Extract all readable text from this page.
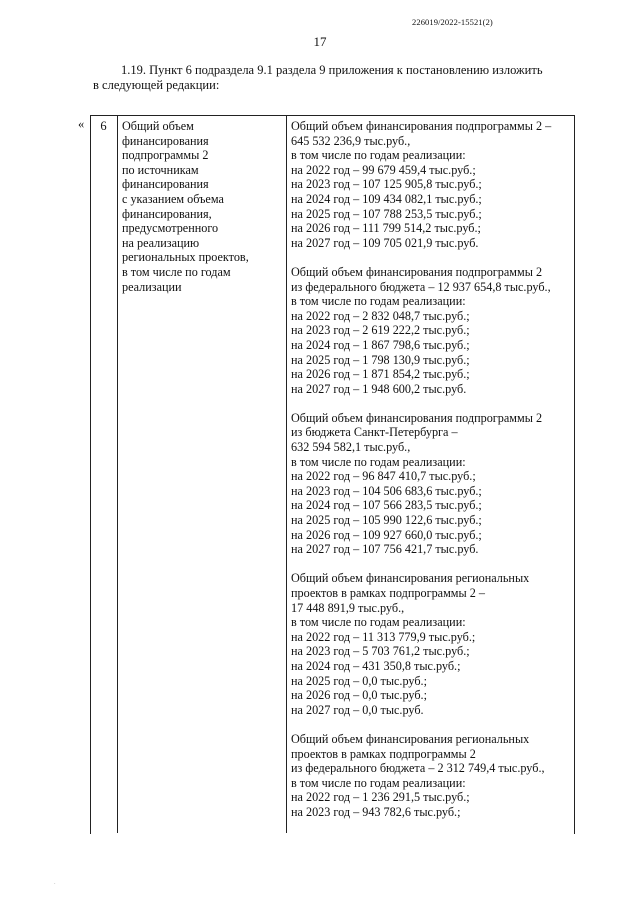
226019/2022-15521(2)
17
1.19. Пункт 6 подраздела 9.1 раздела 9 приложения к постановлению изложить
в следующей редакции:
«	6	Общий объем
финансирования
подпрограммы 2
по источникам
финансирования
с указанием объема
финансирования,
предусмотренного
на реализацию
региональных проектов,
в том числе по годам
реализации
Общий объем финансирования подпрограммы 2 –
645 532 236,9 тыс.руб.,
в том числе по годам реализации:
на 2022 год – 99 679 459,4 тыс.руб.;
на 2023 год – 107 125 905,8 тыс.руб.;
на 2024 год – 109 434 082,1 тыс.руб.;
на 2025 год – 107 788 253,5 тыс.руб.;
на 2026 год – 111 799 514,2 тыс.руб.;
на 2027 год – 109 705 021,9 тыс.руб.
Общий объем финансирования подпрограммы 2
из федерального бюджета – 12 937 654,8 тыс.руб.,
в том числе по годам реализации:
на 2022 год – 2 832 048,7 тыс.руб.;
на 2023 год – 2 619 222,2 тыс.руб.;
на 2024 год – 1 867 798,6 тыс.руб.;
на 2025 год – 1 798 130,9 тыс.руб.;
на 2026 год – 1 871 854,2 тыс.руб.;
на 2027 год – 1 948 600,2 тыс.руб.
Общий объем финансирования подпрограммы 2
из бюджета Санкт-Петербурга –
632 594 582,1 тыс.руб.,
в том числе по годам реализации:
на 2022 год – 96 847 410,7 тыс.руб.;
на 2023 год – 104 506 683,6 тыс.руб.;
на 2024 год – 107 566 283,5 тыс.руб.;
на 2025 год – 105 990 122,6 тыс.руб.;
на 2026 год – 109 927 660,0 тыс.руб.;
на 2027 год – 107 756 421,7 тыс.руб.
Общий объем финансирования региональных
проектов в рамках подпрограммы 2 –
17 448 891,9 тыс.руб.,
в том числе по годам реализации:
на 2022 год – 11 313 779,9 тыс.руб.;
на 2023 год – 5 703 761,2 тыс.руб.;
на 2024 год – 431 350,8 тыс.руб.;
на 2025 год – 0,0 тыс.руб.;
на 2026 год – 0,0 тыс.руб.;
на 2027 год – 0,0 тыс.руб.
Общий объем финансирования региональных
проектов в рамках подпрограммы 2
из федерального бюджета – 2 312 749,4 тыс.руб.,
в том числе по годам реализации:
на 2022 год – 1 236 291,5 тыс.руб.;
на 2023 год – 943 782,6 тыс.руб.;
·
